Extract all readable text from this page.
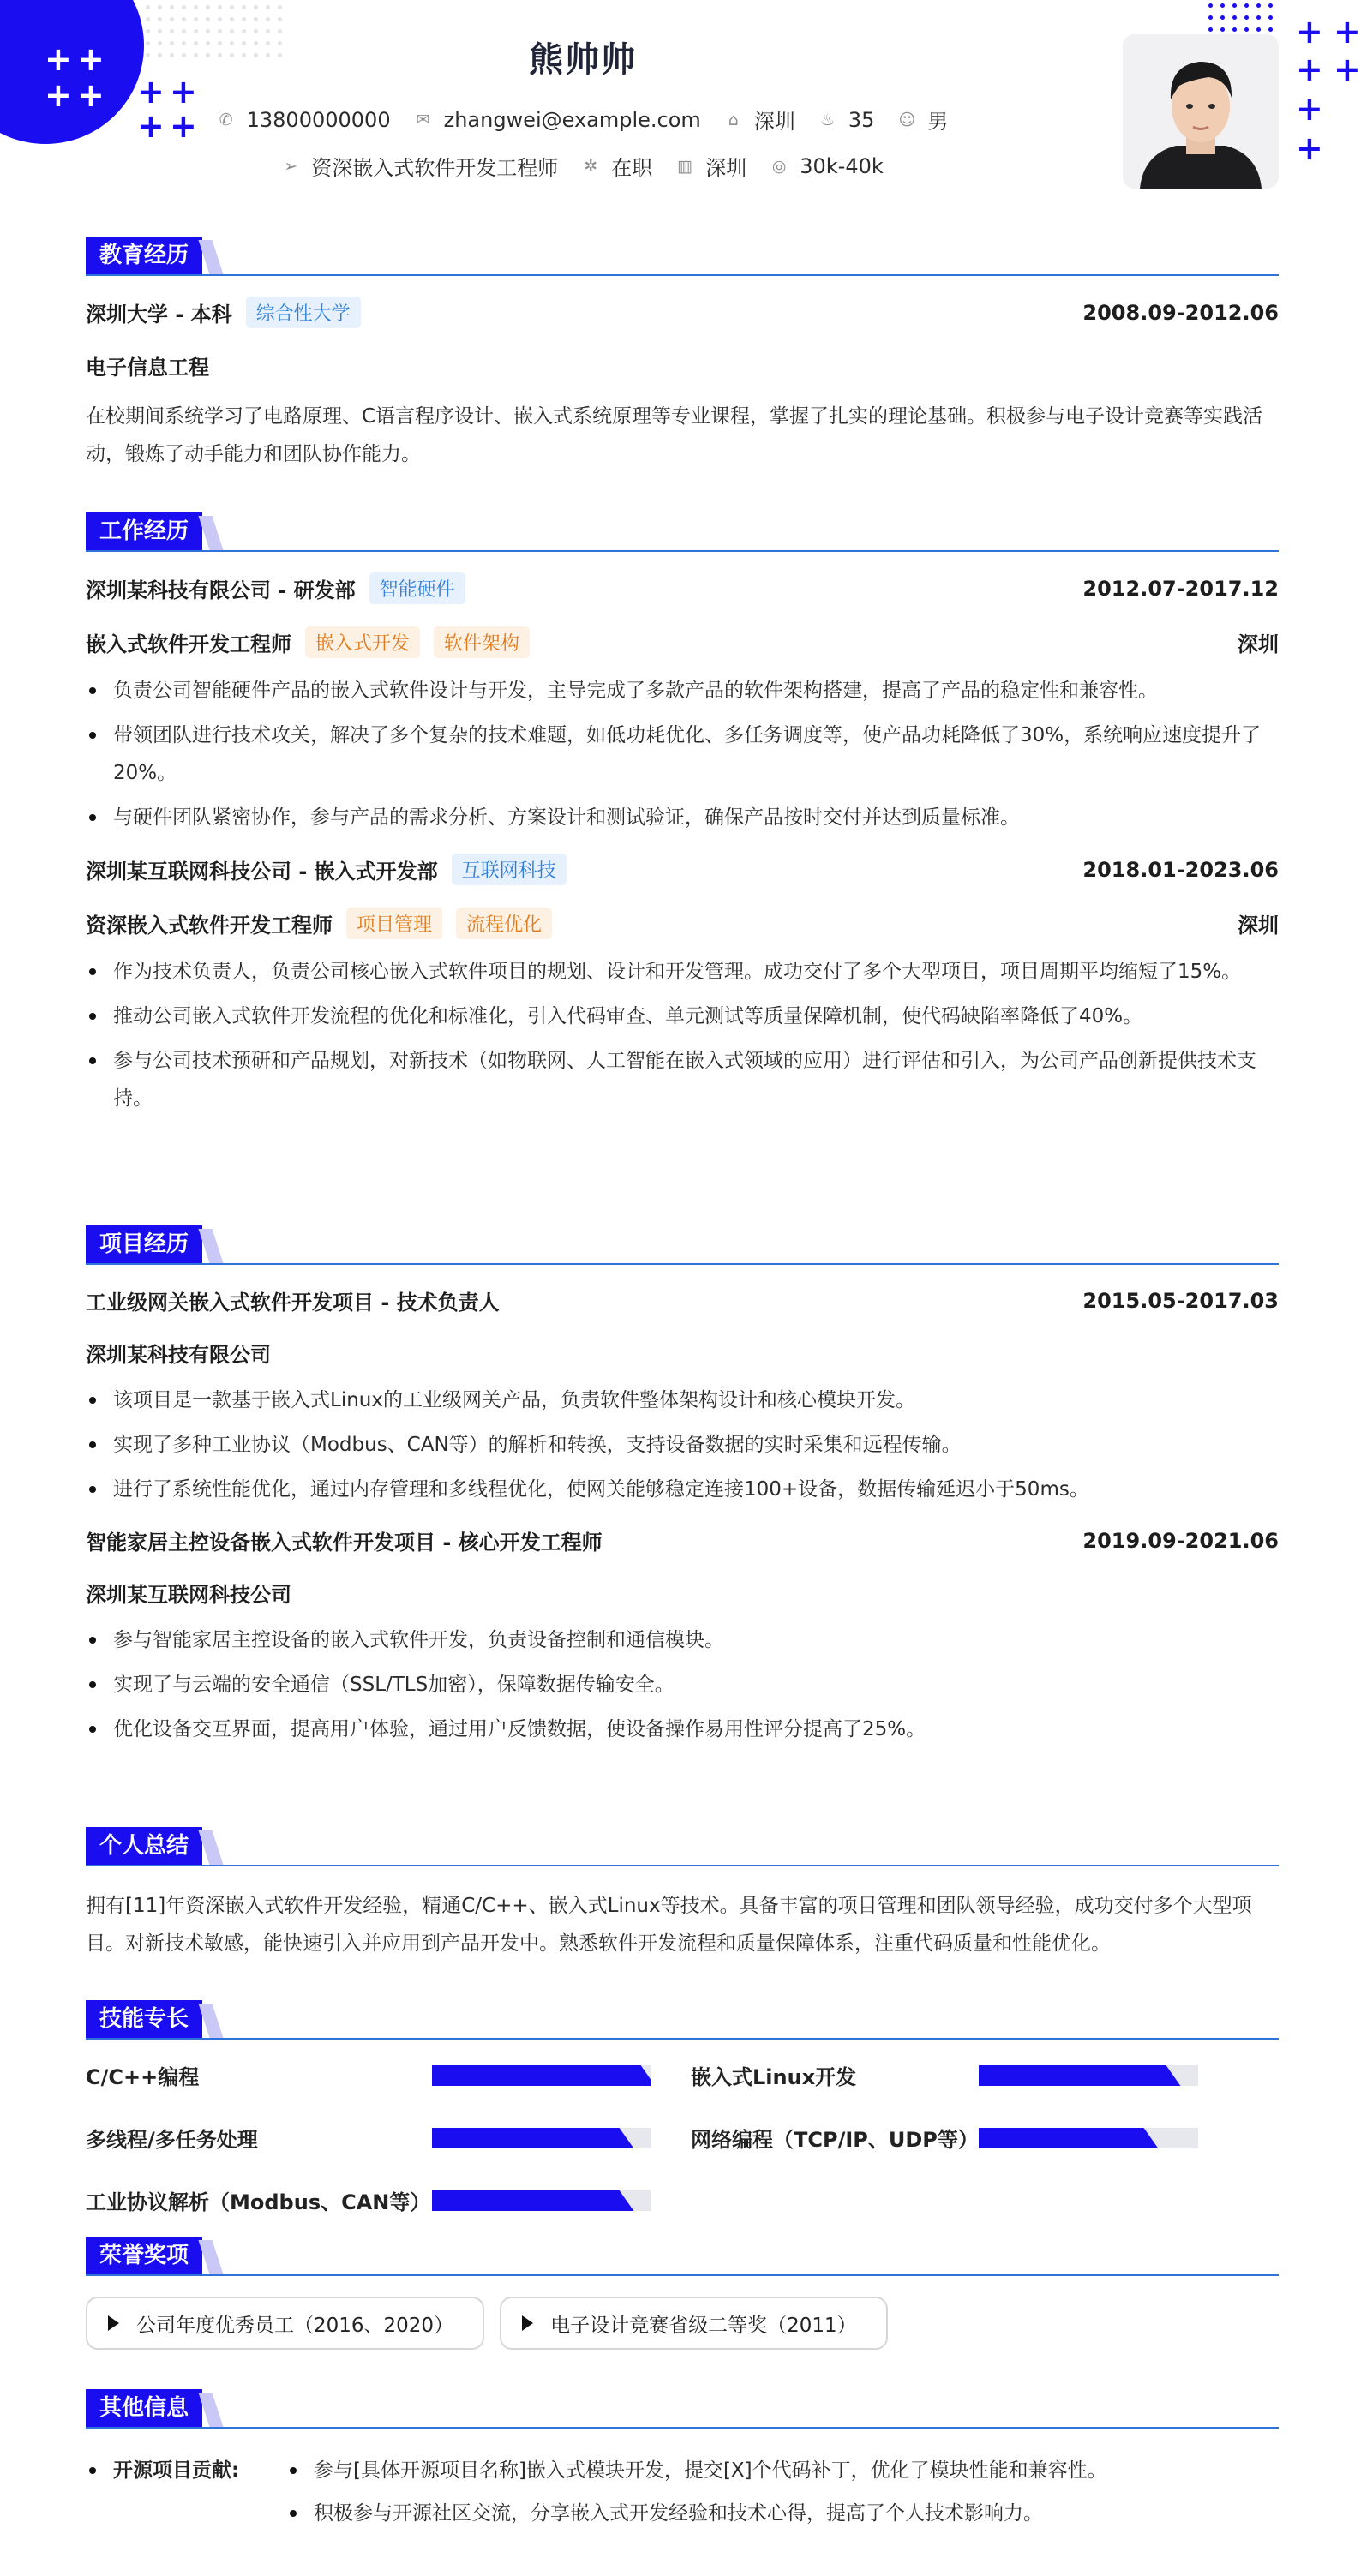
+ +
+ + + +
+ +
+ +
+ +
+
+
熊帅帅
✆ 13800000000 ✉ zhangwei@example.com ⌂ 深圳 ♨ 35 ☺ 男
➢ 资深嵌入式软件开发工程师 ✲ 在职 ▥ 深圳 ◎ 30k-40k
教育经历
深圳大学 - 本科	综合性大学	2008.09-2012.06
电子信息工程
在校期间系统学习了电路原理、C语言程序设计、嵌入式系统原理等专业课程，掌握了扎实的理论基础。积极参与电子设计竞赛等实践活动，锻炼了动手能力和团队协作能力。
工作经历
深圳某科技有限公司 - 研发部	智能硬件	2012.07-2017.12
嵌入式软件开发工程师	嵌入式开发	软件架构	深圳
负责公司智能硬件产品的嵌入式软件设计与开发，主导完成了多款产品的软件架构搭建，提高了产品的稳定性和兼容性。
带领团队进行技术攻关，解决了多个复杂的技术难题，如低功耗优化、多任务调度等，使产品功耗降低了30%，系统响应速度提升了20%。
与硬件团队紧密协作，参与产品的需求分析、方案设计和测试验证，确保产品按时交付并达到质量标准。
深圳某互联网科技公司 - 嵌入式开发部	互联网科技	2018.01-2023.06
资深嵌入式软件开发工程师	项目管理	流程优化	深圳
作为技术负责人，负责公司核心嵌入式软件项目的规划、设计和开发管理。成功交付了多个大型项目，项目周期平均缩短了15%。
推动公司嵌入式软件开发流程的优化和标准化，引入代码审查、单元测试等质量保障机制，使代码缺陷率降低了40%。
参与公司技术预研和产品规划，对新技术（如物联网、人工智能在嵌入式领域的应用）进行评估和引入，为公司产品创新提供技术支持。
项目经历
工业级网关嵌入式软件开发项目 - 技术负责人	2015.05-2017.03
深圳某科技有限公司
该项目是一款基于嵌入式Linux的工业级网关产品，负责软件整体架构设计和核心模块开发。
实现了多种工业协议（Modbus、CAN等）的解析和转换，支持设备数据的实时采集和远程传输。
进行了系统性能优化，通过内存管理和多线程优化，使网关能够稳定连接100+设备，数据传输延迟小于50ms。
智能家居主控设备嵌入式软件开发项目 - 核心开发工程师	2019.09-2021.06
深圳某互联网科技公司
参与智能家居主控设备的嵌入式软件开发，负责设备控制和通信模块。
实现了与云端的安全通信（SSL/TLS加密），保障数据传输安全。
优化设备交互界面，提高用户体验，通过用户反馈数据，使设备操作易用性评分提高了25%。
个人总结
拥有[11]年资深嵌入式软件开发经验，精通C/C++、嵌入式Linux等技术。具备丰富的项目管理和团队领导经验，成功交付多个大型项目。对新技术敏感，能快速引入并应用到产品开发中。熟悉软件开发流程和质量保障体系，注重代码质量和性能优化。
技能专长
C/C++编程	嵌入式Linux开发
多线程/多任务处理	网络编程（TCP/IP、UDP等）
工业协议解析（Modbus、CAN等）
荣誉奖项
公司年度优秀员工（2016、2020）	电子设计竞赛省级二等奖（2011）
其他信息
开源项目贡献:	参与[具体开源项目名称]嵌入式模块开发，提交[X]个代码补丁，优化了模块性能和兼容性。
积极参与开源社区交流，分享嵌入式开发经验和技术心得，提高了个人技术影响力。
